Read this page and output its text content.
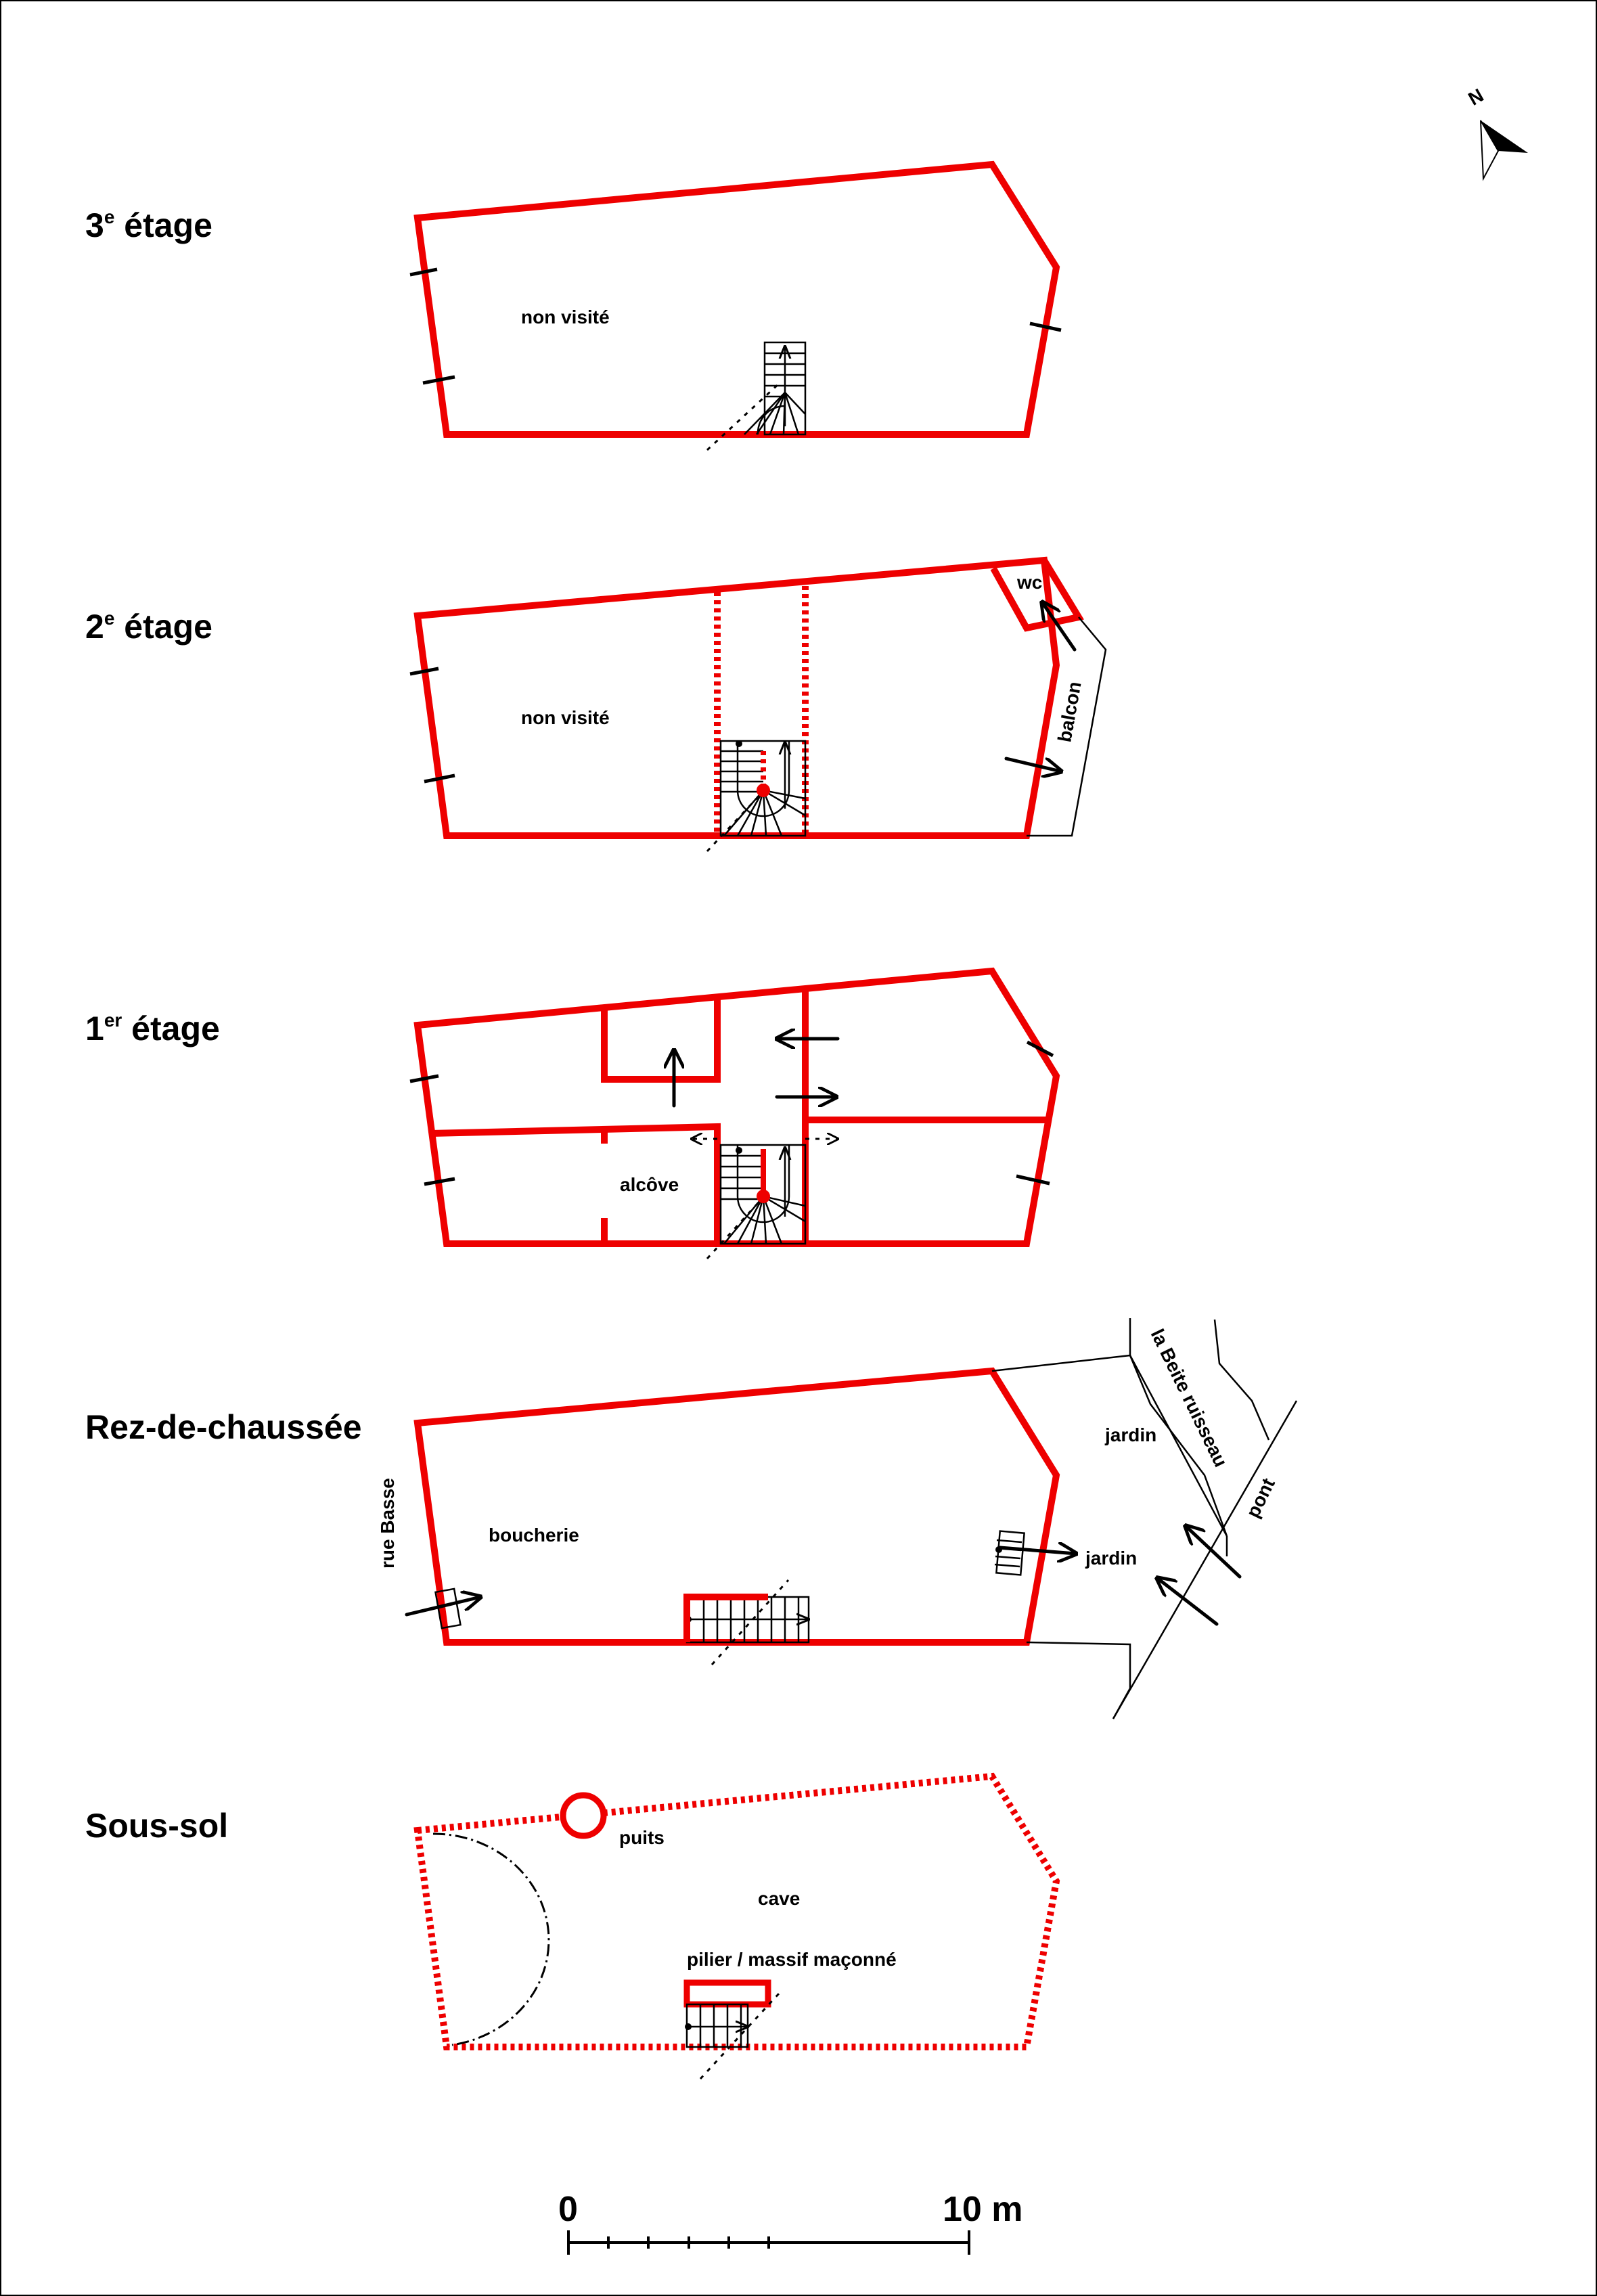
N
3e étage
non visité
2e étage
wc
balcon
non visité
1er étage
alcôve
Rez-de-chaussée
rue Basse	boucherie
jardin
jardin
la Beite ruisseau
pont
Sous-sol	puits
cave
pilier / massif maçonné
0	10 m
